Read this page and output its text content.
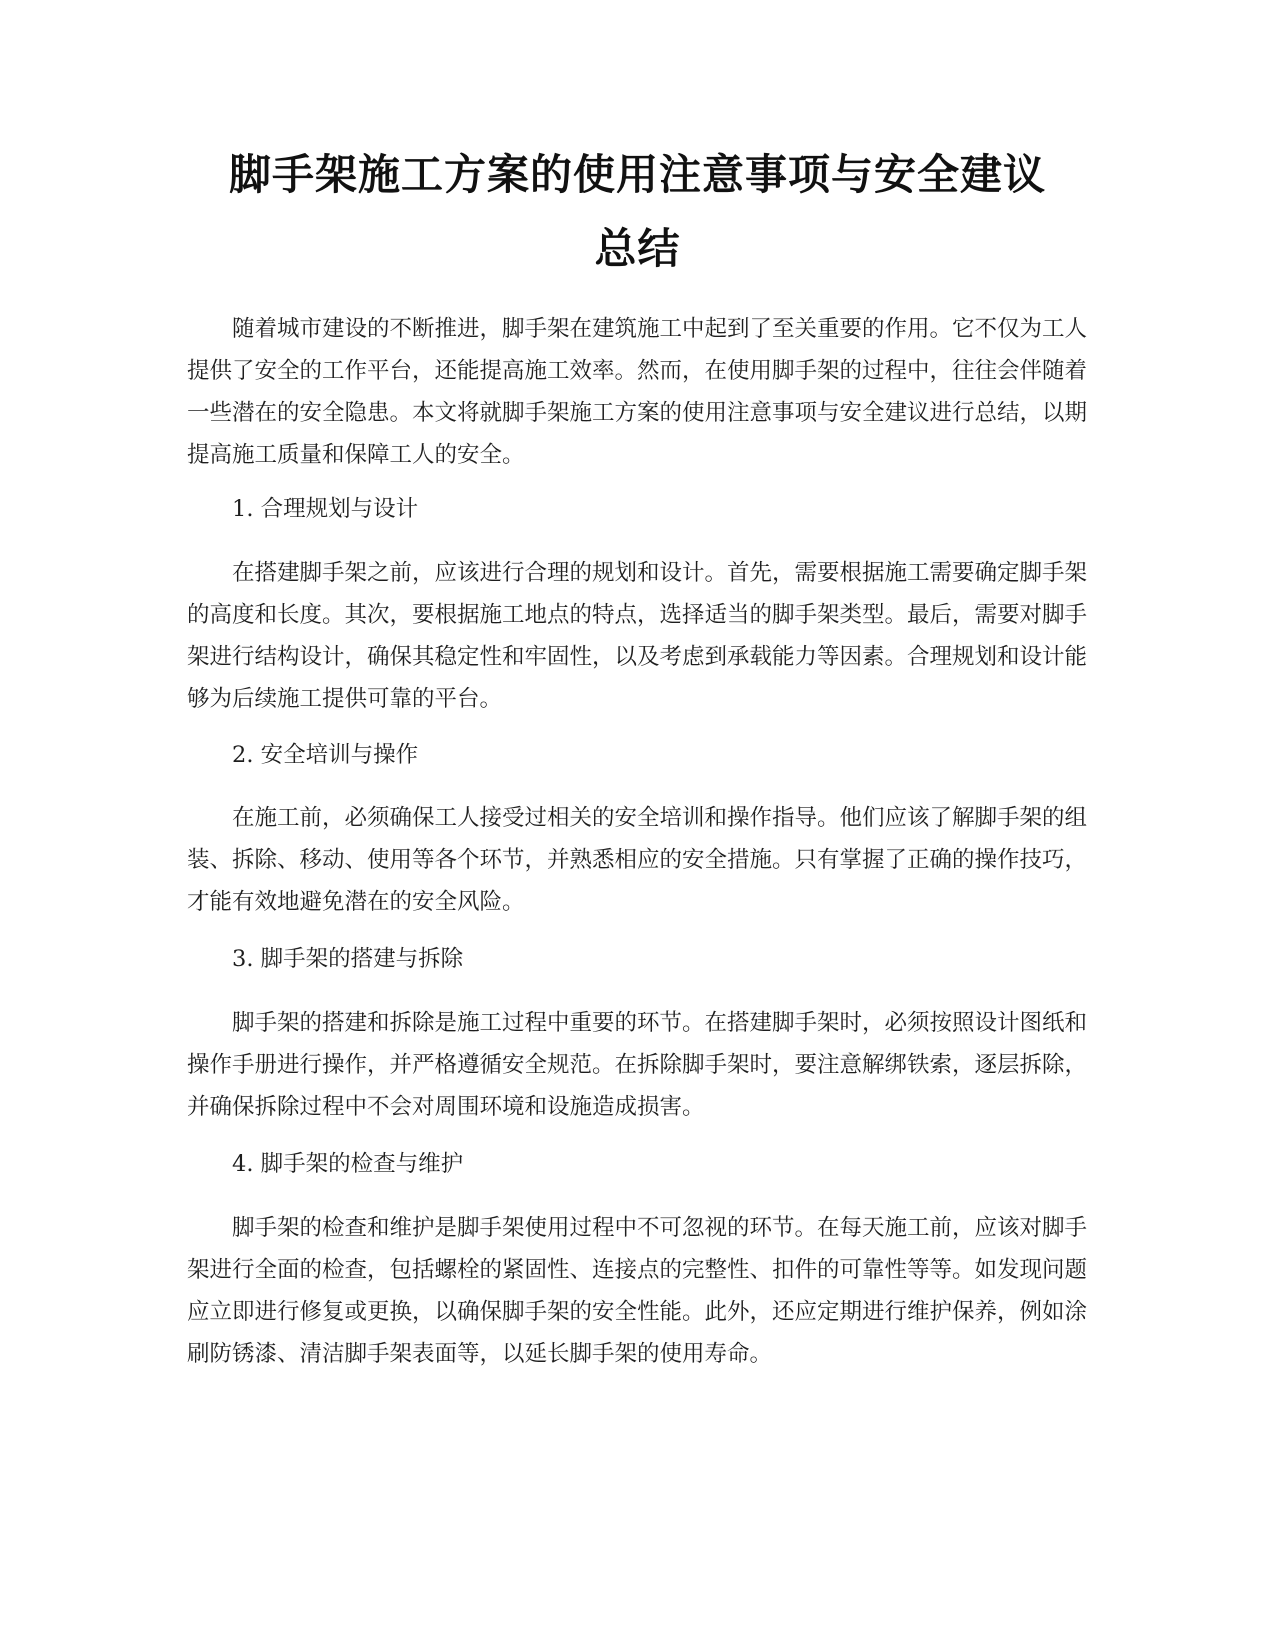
脚手架施工方案的使用注意事项与安全建议
总结

随着城市建设的不断推进，脚手架在建筑施工中起到了至关重要的作用。它不仅为工人提供了安全的工作平台，还能提高施工效率。然而，在使用脚手架的过程中，往往会伴随着一些潜在的安全隐患。本文将就脚手架施工方案的使用注意事项与安全建议进行总结，以期提高施工质量和保障工人的安全。

1. 合理规划与设计

在搭建脚手架之前，应该进行合理的规划和设计。首先，需要根据施工需要确定脚手架的高度和长度。其次，要根据施工地点的特点，选择适当的脚手架类型。最后，需要对脚手架进行结构设计，确保其稳定性和牢固性，以及考虑到承载能力等因素。合理规划和设计能够为后续施工提供可靠的平台。

2. 安全培训与操作

在施工前，必须确保工人接受过相关的安全培训和操作指导。他们应该了解脚手架的组装、拆除、移动、使用等各个环节，并熟悉相应的安全措施。只有掌握了正确的操作技巧，才能有效地避免潜在的安全风险。

3. 脚手架的搭建与拆除

脚手架的搭建和拆除是施工过程中重要的环节。在搭建脚手架时，必须按照设计图纸和操作手册进行操作，并严格遵循安全规范。在拆除脚手架时，要注意解绑铁索，逐层拆除，并确保拆除过程中不会对周围环境和设施造成损害。

4. 脚手架的检查与维护

脚手架的检查和维护是脚手架使用过程中不可忽视的环节。在每天施工前，应该对脚手架进行全面的检查，包括螺栓的紧固性、连接点的完整性、扣件的可靠性等等。如发现问题应立即进行修复或更换，以确保脚手架的安全性能。此外，还应定期进行维护保养，例如涂刷防锈漆、清洁脚手架表面等，以延长脚手架的使用寿命。
